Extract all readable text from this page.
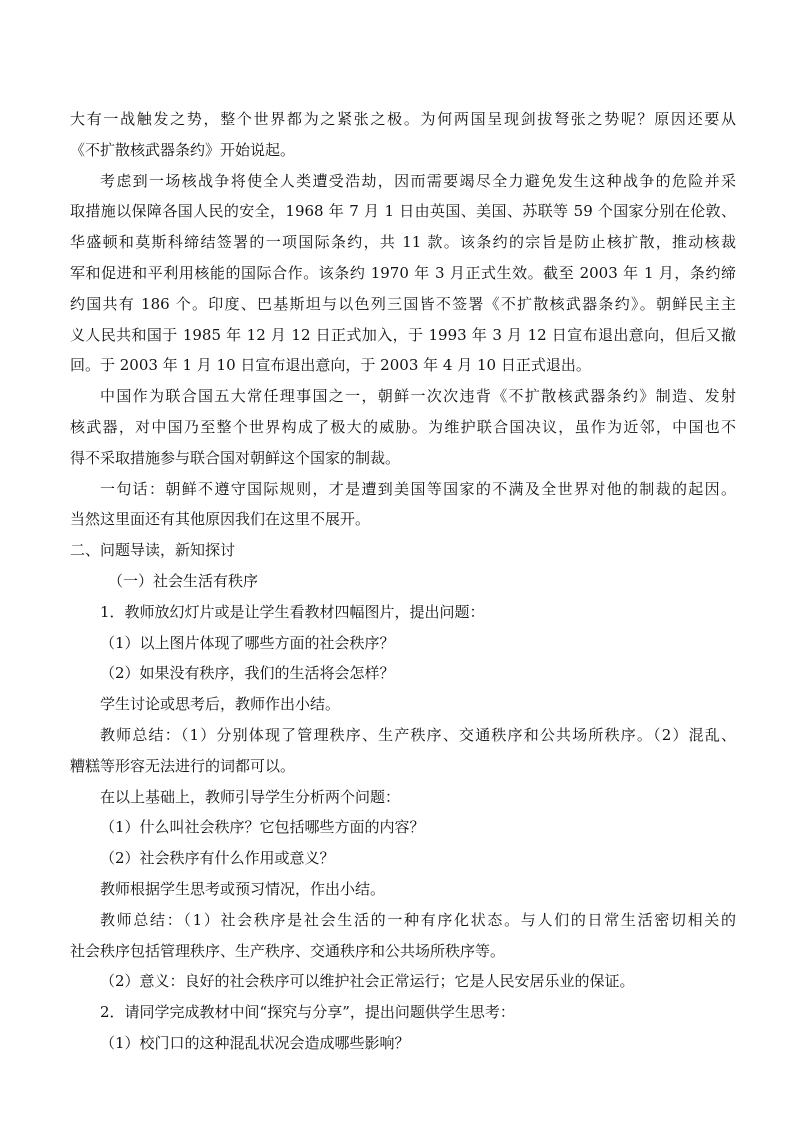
大有一战触发之势，整个世界都为之紧张之极。为何两国呈现剑拔弩张之势呢？原因还要从
《不扩散核武器条约》开始说起。
考虑到一场核战争将使全人类遭受浩劫，因而需要竭尽全力避免发生这种战争的危险并采
取措施以保障各国人民的安全，1968 年 7 月 1 日由英国、美国、苏联等 59 个国家分别在伦敦、
华盛顿和莫斯科缔结签署的一项国际条约，共 11 款。该条约的宗旨是防止核扩散，推动核裁
军和促进和平利用核能的国际合作。该条约 1970 年 3 月正式生效。截至 2003 年 1 月，条约缔
约国共有 186 个。印度、巴基斯坦与以色列三国皆不签署《不扩散核武器条约》。朝鲜民主主
义人民共和国于 1985 年 12 月 12 日正式加入，于 1993 年 3 月 12 日宣布退出意向，但后又撤
回。于 2003 年 1 月 10 日宣布退出意向，于 2003 年 4 月 10 日正式退出。
中国作为联合国五大常任理事国之一，朝鲜一次次违背《不扩散核武器条约》制造、发射
核武器，对中国乃至整个世界构成了极大的威胁。为维护联合国决议，虽作为近邻，中国也不
得不采取措施参与联合国对朝鲜这个国家的制裁。
一句话：朝鲜不遵守国际规则，才是遭到美国等国家的不满及全世界对他的制裁的起因。
当然这里面还有其他原因我们在这里不展开。
二、问题导读，新知探讨
（一）社会生活有秩序
1．教师放幻灯片或是让学生看教材四幅图片，提出问题：
（1）以上图片体现了哪些方面的社会秩序？
（2）如果没有秩序，我们的生活将会怎样？
学生讨论或思考后，教师作出小结。
教师总结：（1）分别体现了管理秩序、生产秩序、交通秩序和公共场所秩序。（2）混乱、
糟糕等形容无法进行的词都可以。
在以上基础上，教师引导学生分析两个问题：
（1）什么叫社会秩序？它包括哪些方面的内容？
（2）社会秩序有什么作用或意义？
教师根据学生思考或预习情况，作出小结。
教师总结：（1）社会秩序是社会生活的一种有序化状态。与人们的日常生活密切相关的
社会秩序包括管理秩序、生产秩序、交通秩序和公共场所秩序等。
（2）意义：良好的社会秩序可以维护社会正常运行；它是人民安居乐业的保证。
2．请同学完成教材中间“探究与分享”，提出问题供学生思考：
（1）校门口的这种混乱状况会造成哪些影响？
